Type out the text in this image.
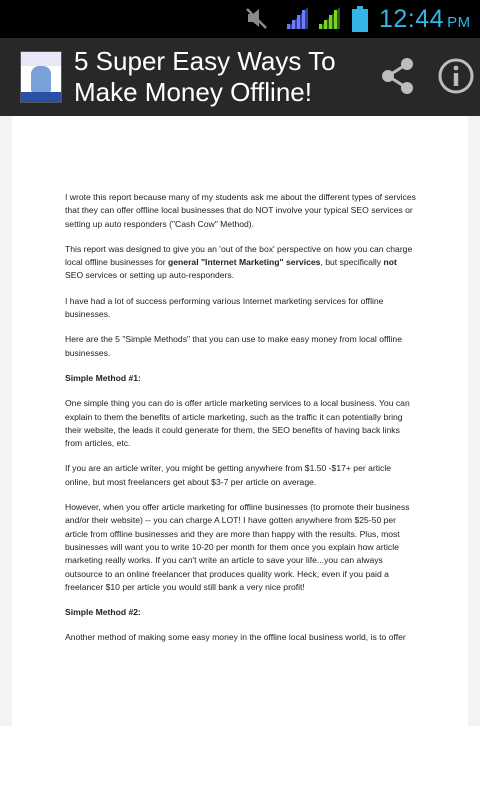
12:44 PM
5 Super Easy Ways To Make Money Offline!

I wrote this report because many of my students ask me about the different types of services that they can offer offline local businesses that do NOT involve your typical SEO services or setting up auto responders ("Cash Cow" Method).

This report was designed to give you an 'out of the box' perspective on how you can charge local offline businesses for general "Internet Marketing" services, but specifically not SEO services or setting up auto-responders.

I have had a lot of success performing various Internet marketing services for offline businesses.

Here are the 5 "Simple Methods" that you can use to make easy money from local offline businesses.

Simple Method #1:

One simple thing you can do is offer article marketing services to a local business. You can explain to them the benefits of article marketing, such as the traffic it can potentially bring their website, the leads it could generate for them, the SEO benefits of having back links from articles, etc.

If you are an article writer, you might be getting anywhere from $1.50 -$17+ per article online, but most freelancers get about $3-7 per article on average.

However, when you offer article marketing for offline businesses (to promote their business and/or their website) -- you can charge A LOT! I have gotten anywhere from $25-50 per article from offline businesses and they are more than happy with the results. Plus, most businesses will want you to write 10-20 per month for them once you explain how article marketing really works. If you can't write an article to save your life...you can always outsource to an online freelancer that produces quality work. Heck, even if you paid a freelancer $10 per article you would still bank a very nice profit!

Simple Method #2:

Another method of making some easy money in the offline local business world, is to offer
